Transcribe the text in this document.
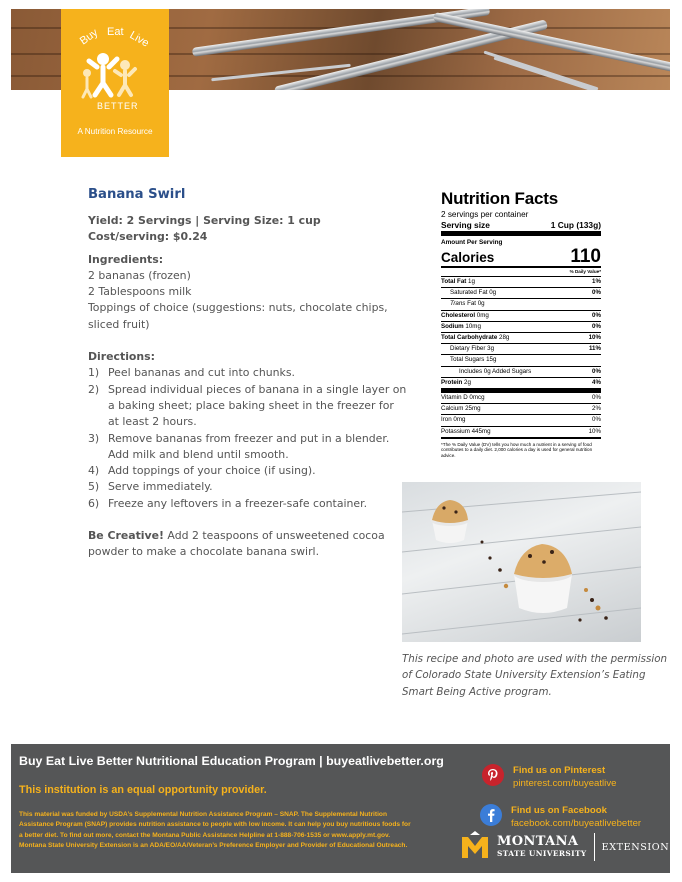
Buy Eat Live
BETTER
A Nutrition Resource
Banana Swirl
Yield: 2 Servings | Serving Size: 1 cup
Cost/serving: $0.24
Ingredients:
2 bananas (frozen)
2 Tablespoons milk
Toppings of choice (suggestions: nuts, chocolate chips, sliced fruit)
Directions:
1) Peel bananas and cut into chunks.
2) Spread individual pieces of banana in a single layer on a baking sheet; place baking sheet in the freezer for at least 2 hours.
3) Remove bananas from freezer and put in a blender. Add milk and blend until smooth.
4) Add toppings of your choice (if using).
5) Serve immediately.
6) Freeze any leftovers in a freezer-safe container.
Be Creative! Add 2 teaspoons of unsweetened cocoa powder to make a chocolate banana swirl.
Nutrition Facts
2 servings per container
Serving size	1 Cup (133g)
Amount Per Serving
Calories	110
% Daily Value*
Total Fat 1g	1%
Saturated Fat 0g	0%
Trans Fat 0g
Cholesterol 0mg	0%
Sodium 10mg	0%
Total Carbohydrate 28g	10%
Dietary Fiber 3g	11%
Total Sugars 15g
Includes 0g Added Sugars	0%
Protein 2g	4%
Vitamin D 0mcg	0%
Calcium 25mg	2%
Iron 0mg	0%
Potassium 445mg	10%
*The % Daily Value (DV) tells you how much a nutrient in a serving of food contributes to a daily diet. 2,000 calories a day is used for general nutrition advice.
This recipe and photo are used with the permission of Colorado State University Extension’s Eating Smart Being Active program.
Buy Eat Live Better Nutritional Education Program | buyeatlivebetter.org
This institution is an equal opportunity provider.
This material was funded by USDA’s Supplemental Nutrition Assistance Program – SNAP. The Supplemental Nutrition Assistance Program (SNAP) provides nutrition assistance to people with low income. It can help you buy nutritious foods for a better diet. To find out more, contact the Montana Public Assistance Helpline at 1-888-706-1535 or www.apply.mt.gov. Montana State University Extension is an ADA/EO/AA/Veteran’s Preference Employer and Provider of Educational Outreach.
Find us on Pinterest
pinterest.com/buyeatlive
Find us on Facebook
facebook.com/buyeatlivebetter
MONTANA
STATE UNIVERSITY
EXTENSION
